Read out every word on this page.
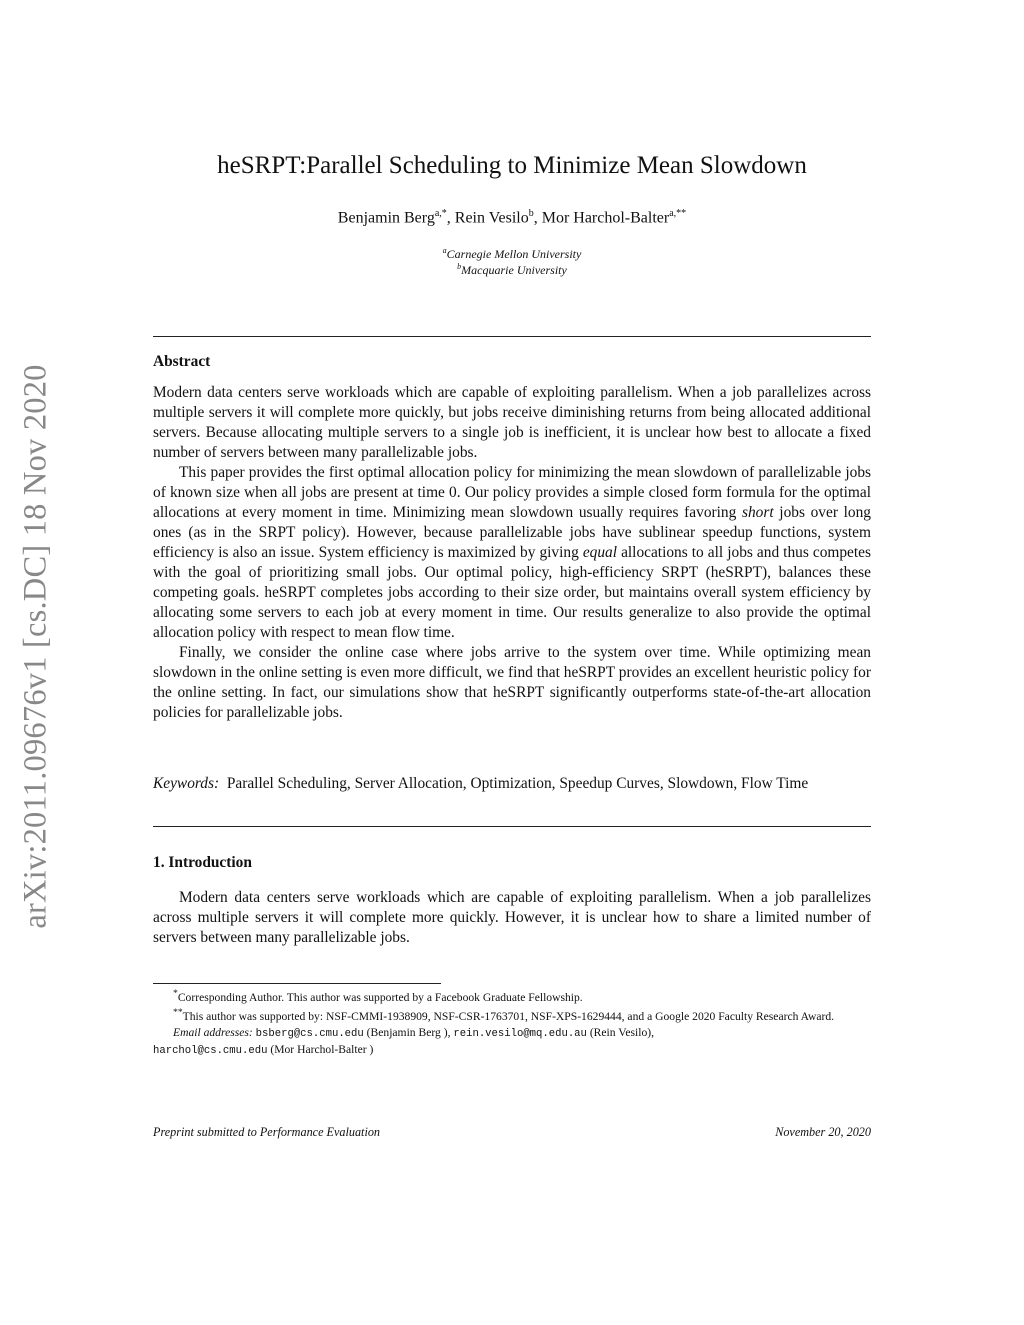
arXiv:2011.09676v1 [cs.DC] 18 Nov 2020
heSRPT:Parallel Scheduling to Minimize Mean Slowdown
Benjamin Berg$^{a,*}$, Rein Vesilo$^b$, Mor Harchol-Balter$^{a,**}$
$^a$Carnegie Mellon University
$^b$Macquarie University
Abstract

Modern data centers serve workloads which are capable of exploiting parallelism. When a job parallelizes across multiple servers it will complete more quickly, but jobs receive diminishing returns from being allocated additional servers. Because allocating multiple servers to a single job is inefficient, it is unclear how best to allocate a fixed number of servers between many parallelizable jobs.

This paper provides the first optimal allocation policy for minimizing the mean slowdown of parallelizable jobs of known size when all jobs are present at time 0. Our policy provides a simple closed form formula for the optimal allocations at every moment in time. Minimizing mean slowdown usually requires favoring short jobs over long ones (as in the SRPT policy). However, because parallelizable jobs have sublinear speedup functions, system efficiency is also an issue. System efficiency is maximized by giving equal allocations to all jobs and thus competes with the goal of prioritizing small jobs. Our optimal policy, high-efficiency SRPT (heSRPT), balances these competing goals. heSRPT completes jobs according to their size order, but maintains overall system efficiency by allocating some servers to each job at every moment in time. Our results generalize to also provide the optimal allocation policy with respect to mean flow time.

Finally, we consider the online case where jobs arrive to the system over time. While optimizing mean slowdown in the online setting is even more difficult, we find that heSRPT provides an excellent heuristic policy for the online setting. In fact, our simulations show that heSRPT significantly outperforms state-of-the-art allocation policies for parallelizable jobs.

Keywords: Parallel Scheduling, Server Allocation, Optimization, Speedup Curves, Slowdown, Flow Time

1. Introduction

Modern data centers serve workloads which are capable of exploiting parallelism. When a job parallelizes across multiple servers it will complete more quickly. However, it is unclear how to share a limited number of servers between many parallelizable jobs.

*Corresponding Author. This author was supported by a Facebook Graduate Fellowship.

**This author was supported by: NSF-CMMI-1938909, NSF-CSR-1763701, NSF-XPS-1629444, and a Google 2020 Faculty Research Award.

Email addresses: bsberg@cs.cmu.edu (Benjamin Berg ), rein.vesilo@mq.edu.au (Rein Vesilo),

harchol@cs.cmu.edu (Mor Harchol-Balter )

Preprint submitted to Performance Evaluation	November 20, 2020
